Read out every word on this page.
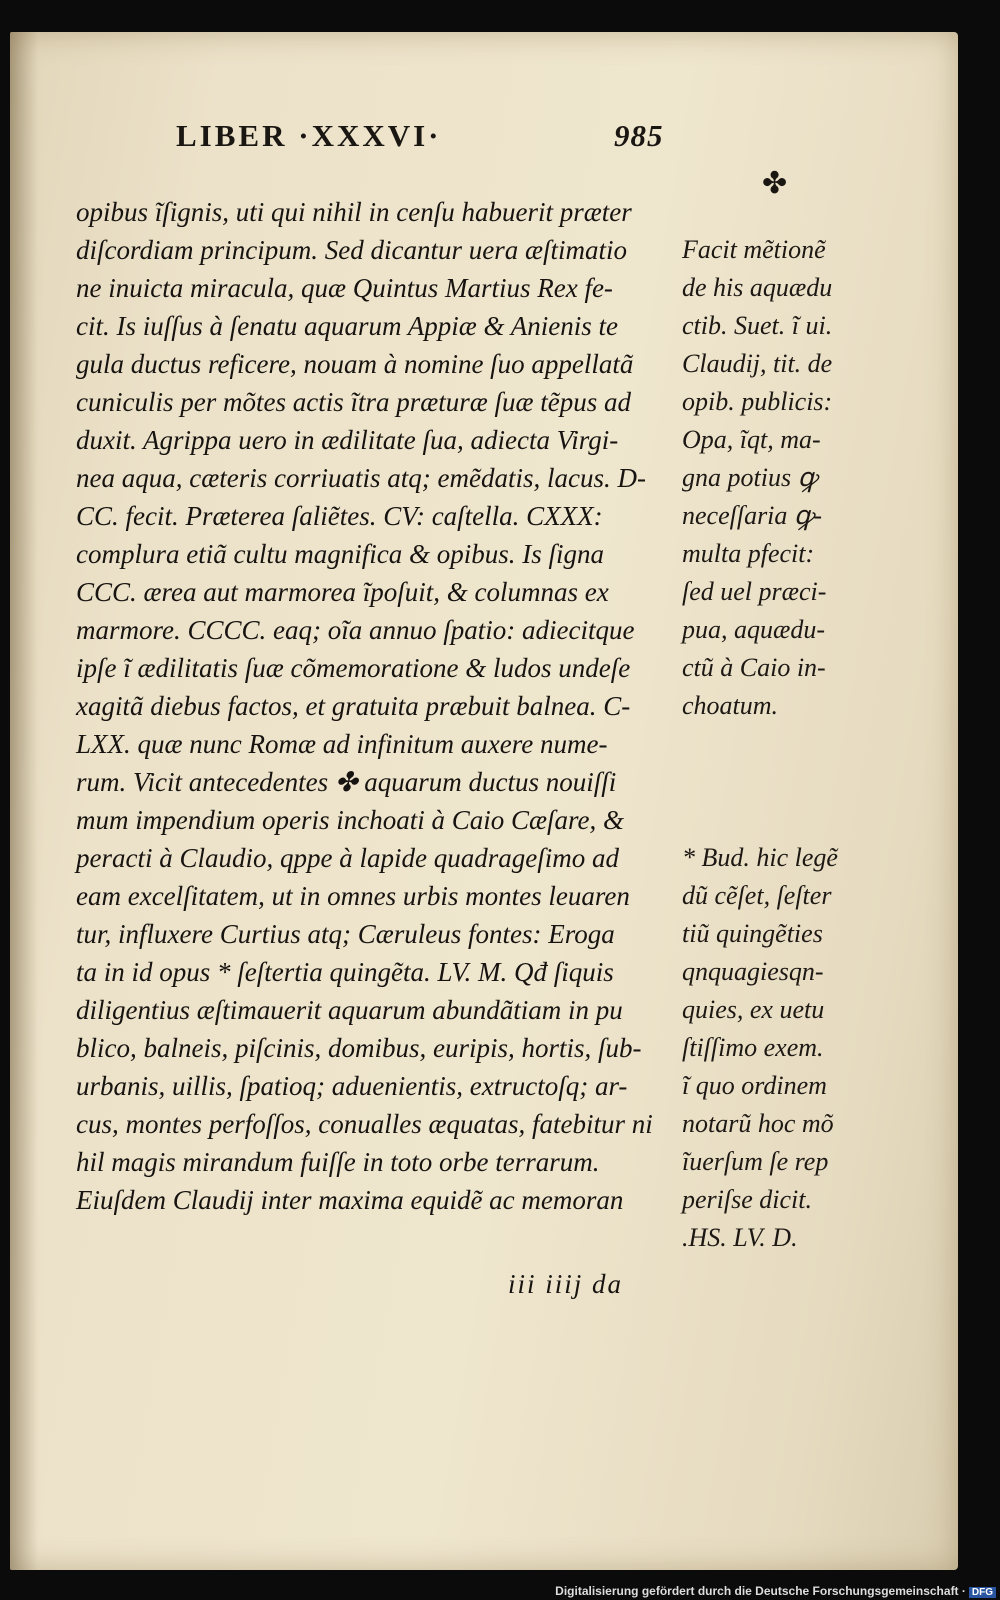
LIBER ·XXXVI·	985
✤
opibus ĩſignis, uti qui nihil in cenſu habuerit præter
diſcordiam principum. Sed dicantur uera æſtimatio
ne inuicta miracula, quæ Quintus Martius Rex fe-
cit. Is iuſſus à ſenatu aquarum Appiæ & Anienis te
gula ductus reficere, nouam à nomine ſuo appellatã
cuniculis per mõtes actis ĩtra præturæ ſuæ tẽpus ad
duxit. Agrippa uero in ædilitate ſua, adiecta Virgi-
nea aqua, cæteris corriuatis atq; emẽdatis, lacus. D-
CC. fecit. Præterea ſaliẽtes. CV: caſtella. CXXX:
complura etiã cultu magnifica & opibus. Is ſigna
CCC. ærea aut marmorea ĩpoſuit, & columnas ex
marmore. CCCC. eaq; oĩa annuo ſpatio: adiecitque
ipſe ĩ ædilitatis ſuæ cõmemoratione & ludos undeſe
xagitã diebus factos, et gratuita præbuit balnea. C-
LXX. quæ nunc Romæ ad infinitum auxere nume-
rum. Vicit antecedentes ✤ aquarum ductus nouiſſi
mum impendium operis inchoati à Caio Cæſare, &
peracti à Claudio, qppe à lapide quadrageſimo ad
eam excelſitatem, ut in omnes urbis montes leuaren
tur, influxere Curtius atq; Cæruleus fontes: Eroga
ta in id opus * ſeſtertia quingẽta. LV. M. Qđ ſiquis
diligentius æſtimauerit aquarum abundãtiam in pu
blico, balneis, piſcinis, domibus, euripis, hortis, ſub-
urbanis, uillis, ſpatioq; aduenientis, extructoſq; ar-
cus, montes perfoſſos, conualles æquatas, fatebitur ni
hil magis mirandum fuiſſe in toto orbe terrarum.
Eiuſdem Claudij inter maxima equidẽ ac memoran
Facit mẽtionẽ
de his aquædu
ctib. Suet. ĩ ui.
Claudij, tit. de
opib. publicis:
Opa, ĩqt, ma-
gna potius ꝙ
neceſſaria ꝙ-
multa pfecit:
ſed uel præci-
pua, aquædu-
ctũ à Caio in-
choatum.
* Bud. hic legẽ
dũ cẽſet, ſeſter
tiũ quingẽties
qnquagiesqn-
quies, ex uetu
ſtiſſimo exem.
ĩ quo ordinem
notarũ hoc mõ
ĩuerſum ſe rep
periſse dicit.
.HS. LV. D.
iii iiij da
Digitalisierung gefördert durch die Deutsche Forschungsgemeinschaft · DFG
